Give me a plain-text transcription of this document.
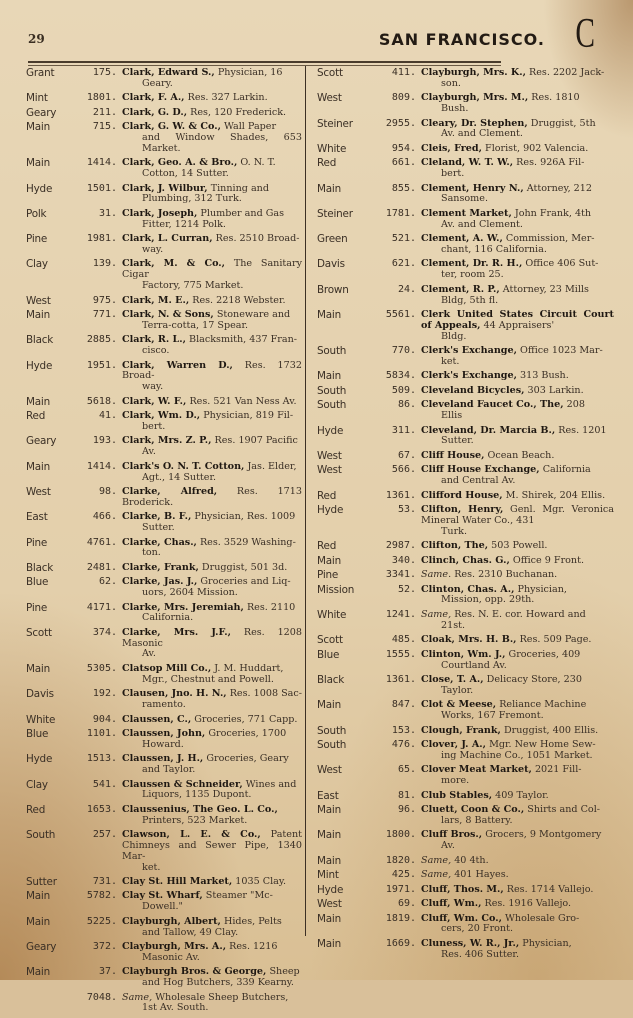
29	SAN FRANCISCO. C
Grant	175. Clark, Edward S., Physician, 16
Geary.
Mint	1801. Clark, F. A., Res. 327 Larkin.
Geary	211. Clark, G. D., Res, 120 Frederick.
Main	715. Clark, G. W. & Co., Wall Paper
and Window Shades, 653 Market.
Main	1414. Clark, Geo. A. & Bro., O. N. T.
Cotton, 14 Sutter.
Hyde	1501. Clark, J. Wilbur, Tinning and
Plumbing, 312 Turk.
Polk	31. Clark, Joseph, Plumber and Gas
Fitter, 1214 Polk.
Pine	1981. Clark, L. Curran, Res. 2510 Broad-
way.
Clay	139. Clark, M. & Co., The Sanitary Cigar
Factory, 775 Market.
West	975. Clark, M. E., Res. 2218 Webster.
Main	771. Clark, N. & Sons, Stoneware and
Terra-cotta, 17 Spear.
Black	2885. Clark, R. L., Blacksmith, 437 Fran-
cisco.
Hyde	1951. Clark, Warren D., Res. 1732 Broad-
way.
Main	5618. Clark, W. F., Res. 521 Van Ness Av.
Red	41. Clark, Wm. D., Physician, 819 Fil-
bert.
Geary	193. Clark, Mrs. Z. P., Res. 1907 Pacific
Av.
Main	1414. Clark's O. N. T. Cotton, Jas. Elder,
Agt., 14 Sutter.
West	98. Clarke, Alfred, Res. 1713 Broderick.
East	466. Clarke, B. F., Physician, Res. 1009
Sutter.
Pine	4761. Clarke, Chas., Res. 3529 Washing-
ton.
Black	2481. Clarke, Frank, Druggist, 501 3d.
Blue	62. Clarke, Jas. J., Groceries and Liq-
uors, 2604 Mission.
Pine	4171. Clarke, Mrs. Jeremiah, Res. 2110
California.
Scott	374. Clarke, Mrs. J.F., Res. 1208 Masonic
Av.
Main	5305. Clatsop Mill Co., J. M. Huddart,
Mgr., Chestnut and Powell.
Davis	192. Clausen, Jno. H. N., Res. 1008 Sac-
ramento.
White	904. Claussen, C., Groceries, 771 Capp.
Blue	1101. Claussen, John, Groceries, 1700
Howard.
Hyde	1513. Claussen, J. H., Groceries, Geary
and Taylor.
Clay	541. Claussen & Schneider, Wines and
Liquors, 1135 Dupont.
Red	1653. Claussenius, The Geo. L. Co.,
Printers, 523 Market.
South	257. Clawson, L. E. & Co., Patent Chimneys and Sewer Pipe, 1340 Mar-
ket.
Sutter	731. Clay St. Hill Market, 1035 Clay.
Main	5782. Clay St. Wharf, Steamer "Mc-
Dowell."
Main	5225. Clayburgh, Albert, Hides, Pelts
and Tallow, 49 Clay.
Geary	372. Clayburgh, Mrs. A., Res. 1216
Masonic Av.
Main	37. Clayburgh Bros. & George, Sheep
and Hog Butchers, 339 Kearny.
7048. Same, Wholesale Sheep Butchers,
1st Av. South.
Scott	411. Clayburgh, Mrs. K., Res. 2202 Jack-
son.
West	809. Clayburgh, Mrs. M., Res. 1810
Bush.
Steiner	2955. Cleary, Dr. Stephen, Druggist, 5th
Av. and Clement.
White	954. Cleis, Fred, Florist, 902 Valencia.
Red	661. Cleland, W. T. W., Res. 926A Fil-
bert.
Main	855. Clement, Henry N., Attorney, 212
Sansome.
Steiner	1781. Clement Market, John Frank, 4th
Av. and Clement.
Green	521. Clement, A. W., Commission, Mer-
chant, 116 California.
Davis	621. Clement, Dr. R. H., Office 406 Sut-
ter, room 25.
Brown	24. Clement, R. P., Attorney, 23 Mills
Bldg, 5th fl.
Main	5561. Clerk United States Circuit Court of Appeals, 44 Appraisers'
Bldg.
South	770. Clerk's Exchange, Office 1023 Mar-
ket.
Main	5834. Clerk's Exchange, 313 Bush.
South	509. Cleveland Bicycles, 303 Larkin.
South	86. Cleveland Faucet Co., The, 208
Ellis
Hyde	311. Cleveland, Dr. Marcia B., Res. 1201
Sutter.
West	67. Cliff House, Ocean Beach.
West	566. Cliff House Exchange, California
and Central Av.
Red	1361. Clifford House, M. Shirek, 204 Ellis.
Hyde	53. Clifton, Henry, Genl. Mgr. Veronica Mineral Water Co., 431
Turk.
Red	2987. Clifton, The, 503 Powell.
Main	340. Clinch, Chas. G., Office 9 Front.
Pine	3341. Same. Res. 2310 Buchanan.
Mission	52. Clinton, Chas. A., Physician,
Mission, opp. 29th.
White	1241. Same, Res. N. E. cor. Howard and
21st.
Scott	485. Cloak, Mrs. H. B., Res. 509 Page.
Blue	1555. Clinton, Wm. J., Groceries, 409
Courtland Av.
Black	1361. Close, T. A., Delicacy Store, 230
Taylor.
Main	847. Clot & Meese, Reliance Machine
Works, 167 Fremont.
South	153. Clough, Frank, Druggist, 400 Ellis.
South	476. Clover, J. A., Mgr. New Home Sew-
ing Machine Co., 1051 Market.
West	65. Clover Meat Market, 2021 Fill-
more.
East	81. Club Stables, 409 Taylor.
Main	96. Cluett, Coon & Co., Shirts and Col-
lars, 8 Battery.
Main	1800. Cluff Bros., Grocers, 9 Montgomery
Av.
Main	1820. Same, 40 4th.
Mint	425. Same, 401 Hayes.
Hyde	1971. Cluff, Thos. M., Res. 1714 Vallejo.
West	69. Cluff, Wm., Res. 1916 Vallejo.
Main	1819. Cluff, Wm. Co., Wholesale Gro-
cers, 20 Front.
Main	1669. Cluness, W. R., Jr., Physician,
Res. 406 Sutter.
